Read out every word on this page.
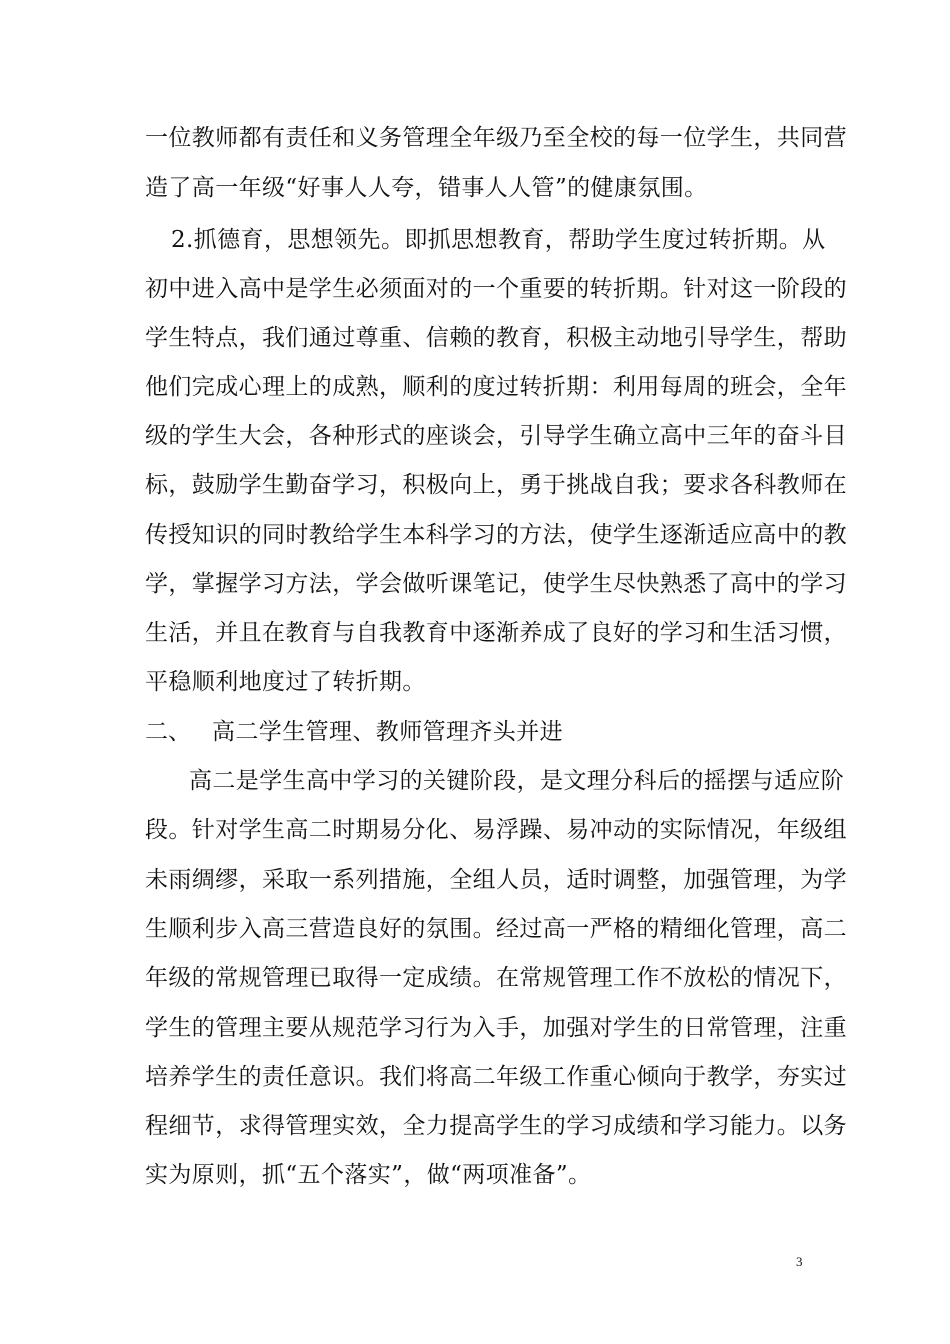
一位教师都有责任和义务管理全年级乃至全校的每一位学生，共同营
造了高一年级“好事人人夸，错事人人管”的健康氛围。
2.抓德育，思想领先。即抓思想教育，帮助学生度过转折期。从
初中进入高中是学生必须面对的一个重要的转折期。针对这一阶段的
学生特点，我们通过尊重、信赖的教育，积极主动地引导学生，帮助
他们完成心理上的成熟，顺利的度过转折期：利用每周的班会，全年
级的学生大会，各种形式的座谈会，引导学生确立高中三年的奋斗目
标，鼓励学生勤奋学习，积极向上，勇于挑战自我；要求各科教师在
传授知识的同时教给学生本科学习的方法，使学生逐渐适应高中的教
学，掌握学习方法，学会做听课笔记，使学生尽快熟悉了高中的学习
生活，并且在教育与自我教育中逐渐养成了良好的学习和生活习惯，
平稳顺利地度过了转折期。
二、 高二学生管理、教师管理齐头并进
高二是学生高中学习的关键阶段，是文理分科后的摇摆与适应阶
段。针对学生高二时期易分化、易浮躁、易冲动的实际情况，年级组
未雨绸缪，采取一系列措施，全组人员，适时调整，加强管理，为学
生顺利步入高三营造良好的氛围。经过高一严格的精细化管理，高二
年级的常规管理已取得一定成绩。在常规管理工作不放松的情况下，
学生的管理主要从规范学习行为入手，加强对学生的日常管理，注重
培养学生的责任意识。我们将高二年级工作重心倾向于教学，夯实过
程细节，求得管理实效，全力提高学生的学习成绩和学习能力。以务
实为原则，抓“五个落实”，做“两项准备”。
3
